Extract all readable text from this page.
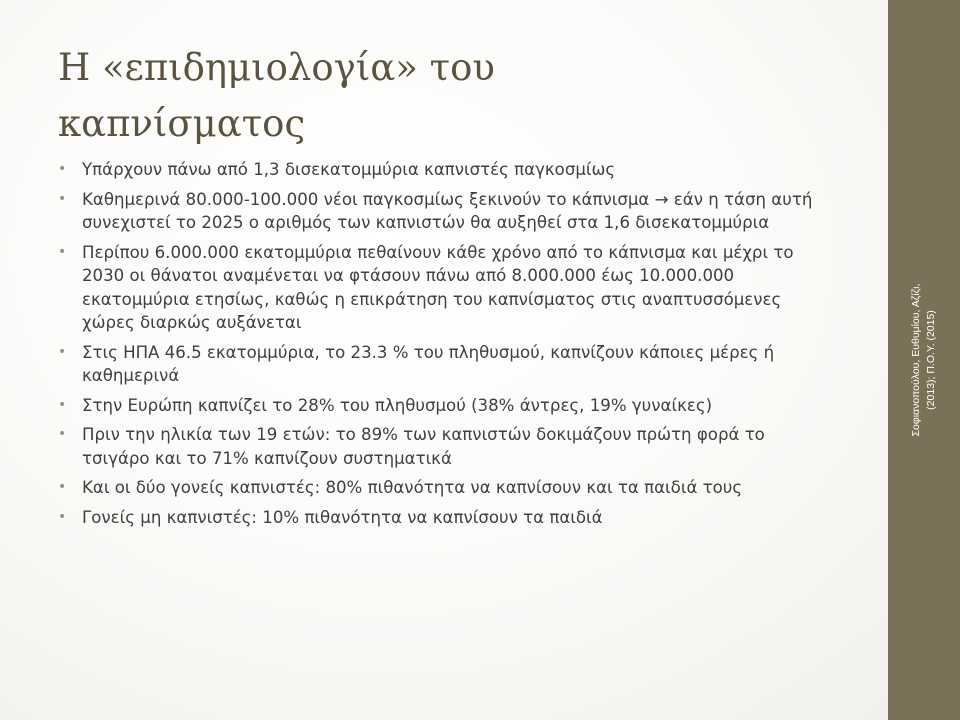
Η «επιδημιολογία» του
καπνίσματος
• Υπάρχουν πάνω από 1,3 δισεκατομμύρια καπνιστές παγκοσμίως
• Καθημερινά 80.000-100.000 νέοι παγκοσμίως ξεκινούν το κάπνισμα → εάν η τάση αυτή συνεχιστεί το 2025 ο αριθμός των καπνιστών θα αυξηθεί στα 1,6 δισεκατομμύρια
• Περίπου 6.000.000 εκατομμύρια πεθαίνουν κάθε χρόνο από το κάπνισμα και μέχρι το 2030 οι θάνατοι αναμένεται να φτάσουν πάνω από 8.000.000 έως 10.000.000 εκατομμύρια ετησίως, καθώς η επικράτηση του καπνίσματος στις αναπτυσσόμενες χώρες διαρκώς αυξάνεται
• Στις ΗΠΑ 46.5 εκατομμύρια, το 23.3 % του πληθυσμού, καπνίζουν κάποιες μέρες ή καθημερινά
• Στην Ευρώπη καπνίζει το 28% του πληθυσμού (38% άντρες, 19% γυναίκες)
• Πριν την ηλικία των 19 ετών: το 89% των καπνιστών δοκιμάζουν πρώτη φορά το τσιγάρο και το 71% καπνίζουν συστηματικά
• Και οι δύο γονείς καπνιστές: 80% πιθανότητα να καπνίσουν και τα παιδιά τους
• Γονείς μη καπνιστές: 10% πιθανότητα να καπνίσουν τα παιδιά
Σοφιανοπούλου, Ευθυμίου, Αζίζι,
(2013); Π.Ο.Υ. (2015)
